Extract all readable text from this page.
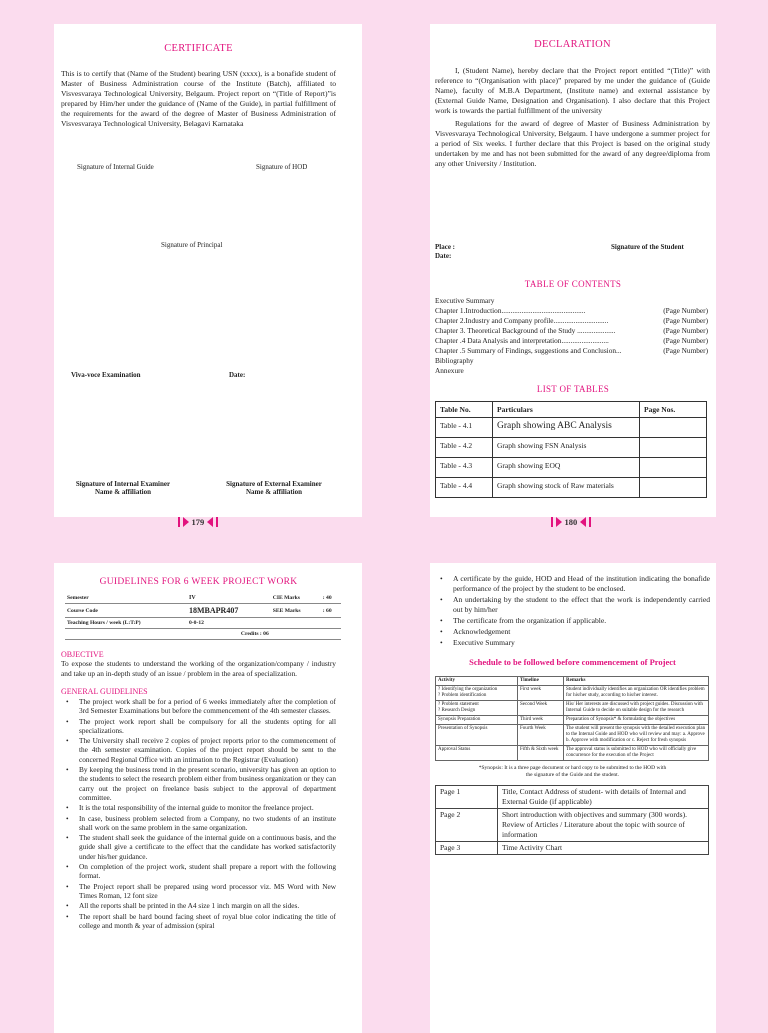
CERTIFICATE

This is to certify that (Name of the Student) bearing USN (xxxx), is a bonafide student of Master of Business Administration course of the Institute (Batch), affiliated to Visvesvaraya Technological University, Belgaum. Project report on “(Title of Report)”is prepared by Him/her under the guidance of (Name of the Guide), in partial fulfillment of the requirements for the award of the degree of Master of Business Administration of Visvesvaraya Technological University, Belagavi Karnataka

Signature of Internal Guide	Signature of HOD
Signature of Principal
Viva-voce Examination	Date:
Signature of Internal Examiner
Name & affiliation
Signature of External Examiner
Name & affiliation
179
DECLARATION

I, (Student Name), hereby declare that the Project report entitled “(Title)” with reference to “(Organisation with place)” prepared by me under the guidance of (Guide Name), faculty of M.B.A Department, (Institute name) and external assistance by (External Guide Name, Designation and Organisation). I also declare that this Project work is towards the partial fulfillment of the university

Regulations for the award of degree of Master of Business Administration by Visvesvaraya Technological University, Belgaum. I have undergone a summer project for a period of Six weeks. I further declare that this Project is based on the original study undertaken by me and has not been submitted for the award of any degree/diploma from any other University / Institution.

Place :
Date:
Signature of the Student
TABLE OF CONTENTS
Executive Summary
Chapter 1.Introduction..............................................	(Page Number)
Chapter 2.Industry and Company profile..............................	(Page Number)
Chapter 3. Theoretical Background of the Study .....................	(Page Number)
Chapter .4 Data Analysis and interpretation..........................	(Page Number)
Chapter .5 Summary of Findings, suggestions and Conclusion...	(Page Number)
Bibliography
Annexure
LIST OF TABLES
Table No.	Particulars	Page Nos.
Table - 4.1	Graph showing ABC Analysis	
Table - 4.2	Graph showing FSN Analysis	
Table - 4.3	Graph showing EOQ	
Table - 4.4	Graph showing stock of Raw materials	
180
GUIDELINES FOR 6 WEEK PROJECT WORK
Semester	IV	CIE Marks	: 40
Course Code	18MBAPR407	SEE Marks	: 60
Teaching Hours / week (L:T:P)	0-0-12		
	Credits : 06		
OBJECTIVE

To expose the students to understand the working of the organization/company / industry and take up an in-depth study of an issue / problem in the area of specialization.

GENERAL GUIDELINES
• The project work shall be for a period of 6 weeks immediately after the completion of 3rd Semester Examinations but before the commencement of the 4th semester classes.
• The project work report shall be compulsory for all the students opting for all specializations.
• The University shall receive 2 copies of project reports prior to the commencement of the 4th semester examination. Copies of the project report should be sent to the concerned Regional Office with an intimation to the Registrar (Evaluation)
• By keeping the business trend in the present scenario, university has given an option to the students to select the research problem either from business organization or they can carry out the project on freelance basis subject to the approval of department committee.
• It is the total responsibility of the internal guide to monitor the freelance project.
• In case, business problem selected from a Company, no two students of an institute shall work on the same problem in the same organization.
• The student shall seek the guidance of the internal guide on a continuous basis, and the guide shall give a certificate to the effect that the candidate has worked satisfactorily under his/her guidance.
• On completion of the project work, student shall prepare a report with the following format.
• The Project report shall be prepared using word processor viz. MS Word with New Times Roman, 12 font size
• All the reports shall be printed in the A4 size 1 inch margin on all the sides.
• The report shall be hard bound facing sheet of royal blue color indicating the title of college and month & year of admission (spiral
• A certificate by the guide, HOD and Head of the institution indicating the bonafide performance of the project by the student to be enclosed.
• An undertaking by the student to the effect that the work is independently carried out by him/her
• The certificate from the organization if applicable.
• Acknowledgement
• Executive Summary
Schedule to be followed before commencement of Project
Activity	Timeline	Remarks
? Identifying the organization
? Problem identification	First week	Student individually identifies an organization OR identifies problem for his/her study, according to his/her interest.
? Problem statement
? Research Design	Second Week	His/ Her interests are discussed with project guides. Discussion with Internal Guide to decide on suitable design for the research
Synopsis Preparation	Third week	Preparation of Synopsis* & formulating the objectives
Presentation of Synopsis	Fourth Week	The student will present the synopsis with the detailed execution plan to the Internal Guide and HOD who will review and may: a. Approve b. Approve with modification or c. Reject for fresh synopsis
Approval Status	Fifth & Sixth week	The approval status is submitted to HOD who will officially give concurrence for the execution of the Project
*Synopsis: It is a three page document or hard copy to be submitted to the HOD with the signature of the Guide and the student.
Page 1	Title, Contact Address of student- with details of Internal and External Guide (if applicable)
Page 2	Short introduction with objectives and summary (300 words). Review of Articles / Literature about the topic with source of information
Page 3	Time Activity Chart
